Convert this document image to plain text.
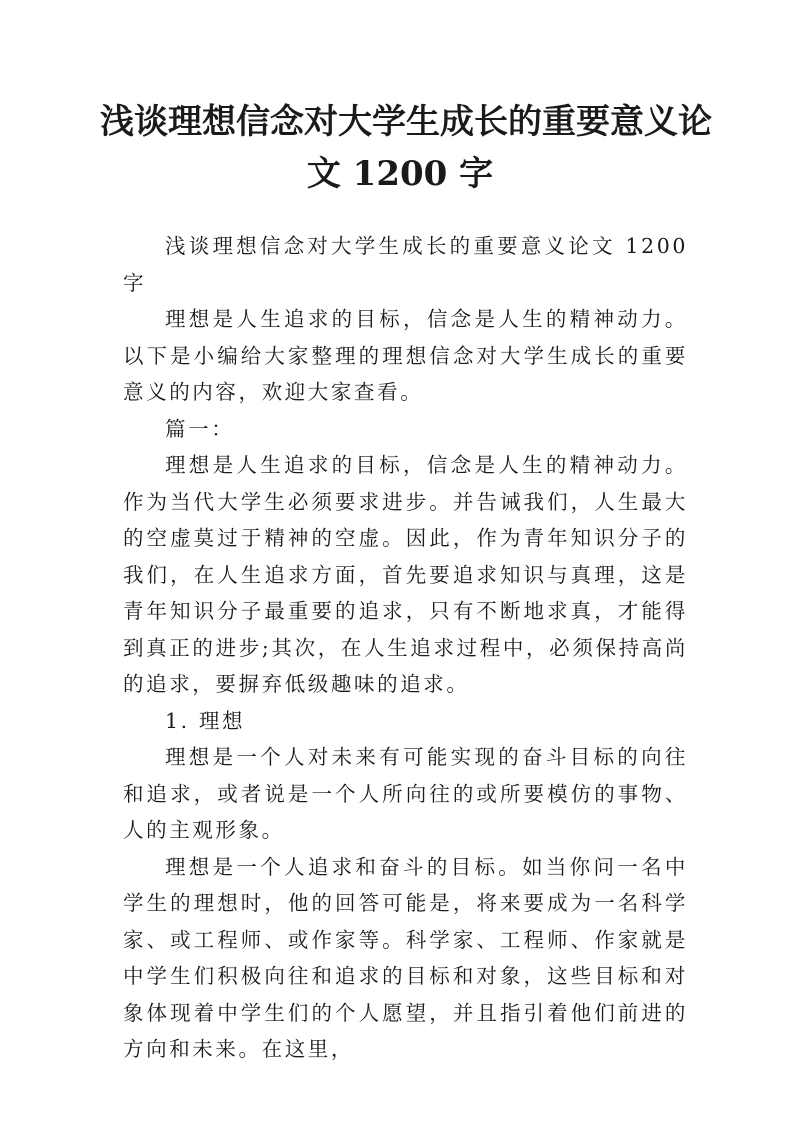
浅谈理想信念对大学生成长的重要意义论
文 1200 字

浅谈理想信念对大学生成长的重要意义论文 1200 字

理想是人生追求的目标，信念是人生的精神动力。以下是小编给大家整理的理想信念对大学生成长的重要意义的内容，欢迎大家查看。

篇一：

理想是人生追求的目标，信念是人生的精神动力。作为当代大学生必须要求进步。并告诫我们，人生最大的空虚莫过于精神的空虚。因此，作为青年知识分子的我们，在人生追求方面，首先要追求知识与真理，这是青年知识分子最重要的追求，只有不断地求真，才能得到真正的进步;其次，在人生追求过程中，必须保持高尚的追求，要摒弃低级趣味的追求。

1. 理想

理想是一个人对未来有可能实现的奋斗目标的向往和追求，或者说是一个人所向往的或所要模仿的事物、人的主观形象。

理想是一个人追求和奋斗的目标。如当你问一名中学生的理想时，他的回答可能是，将来要成为一名科学家、或工程师、或作家等。科学家、工程师、作家就是中学生们积极向往和追求的目标和对象，这些目标和对象体现着中学生们的个人愿望，并且指引着他们前进的方向和未来。在这里，
